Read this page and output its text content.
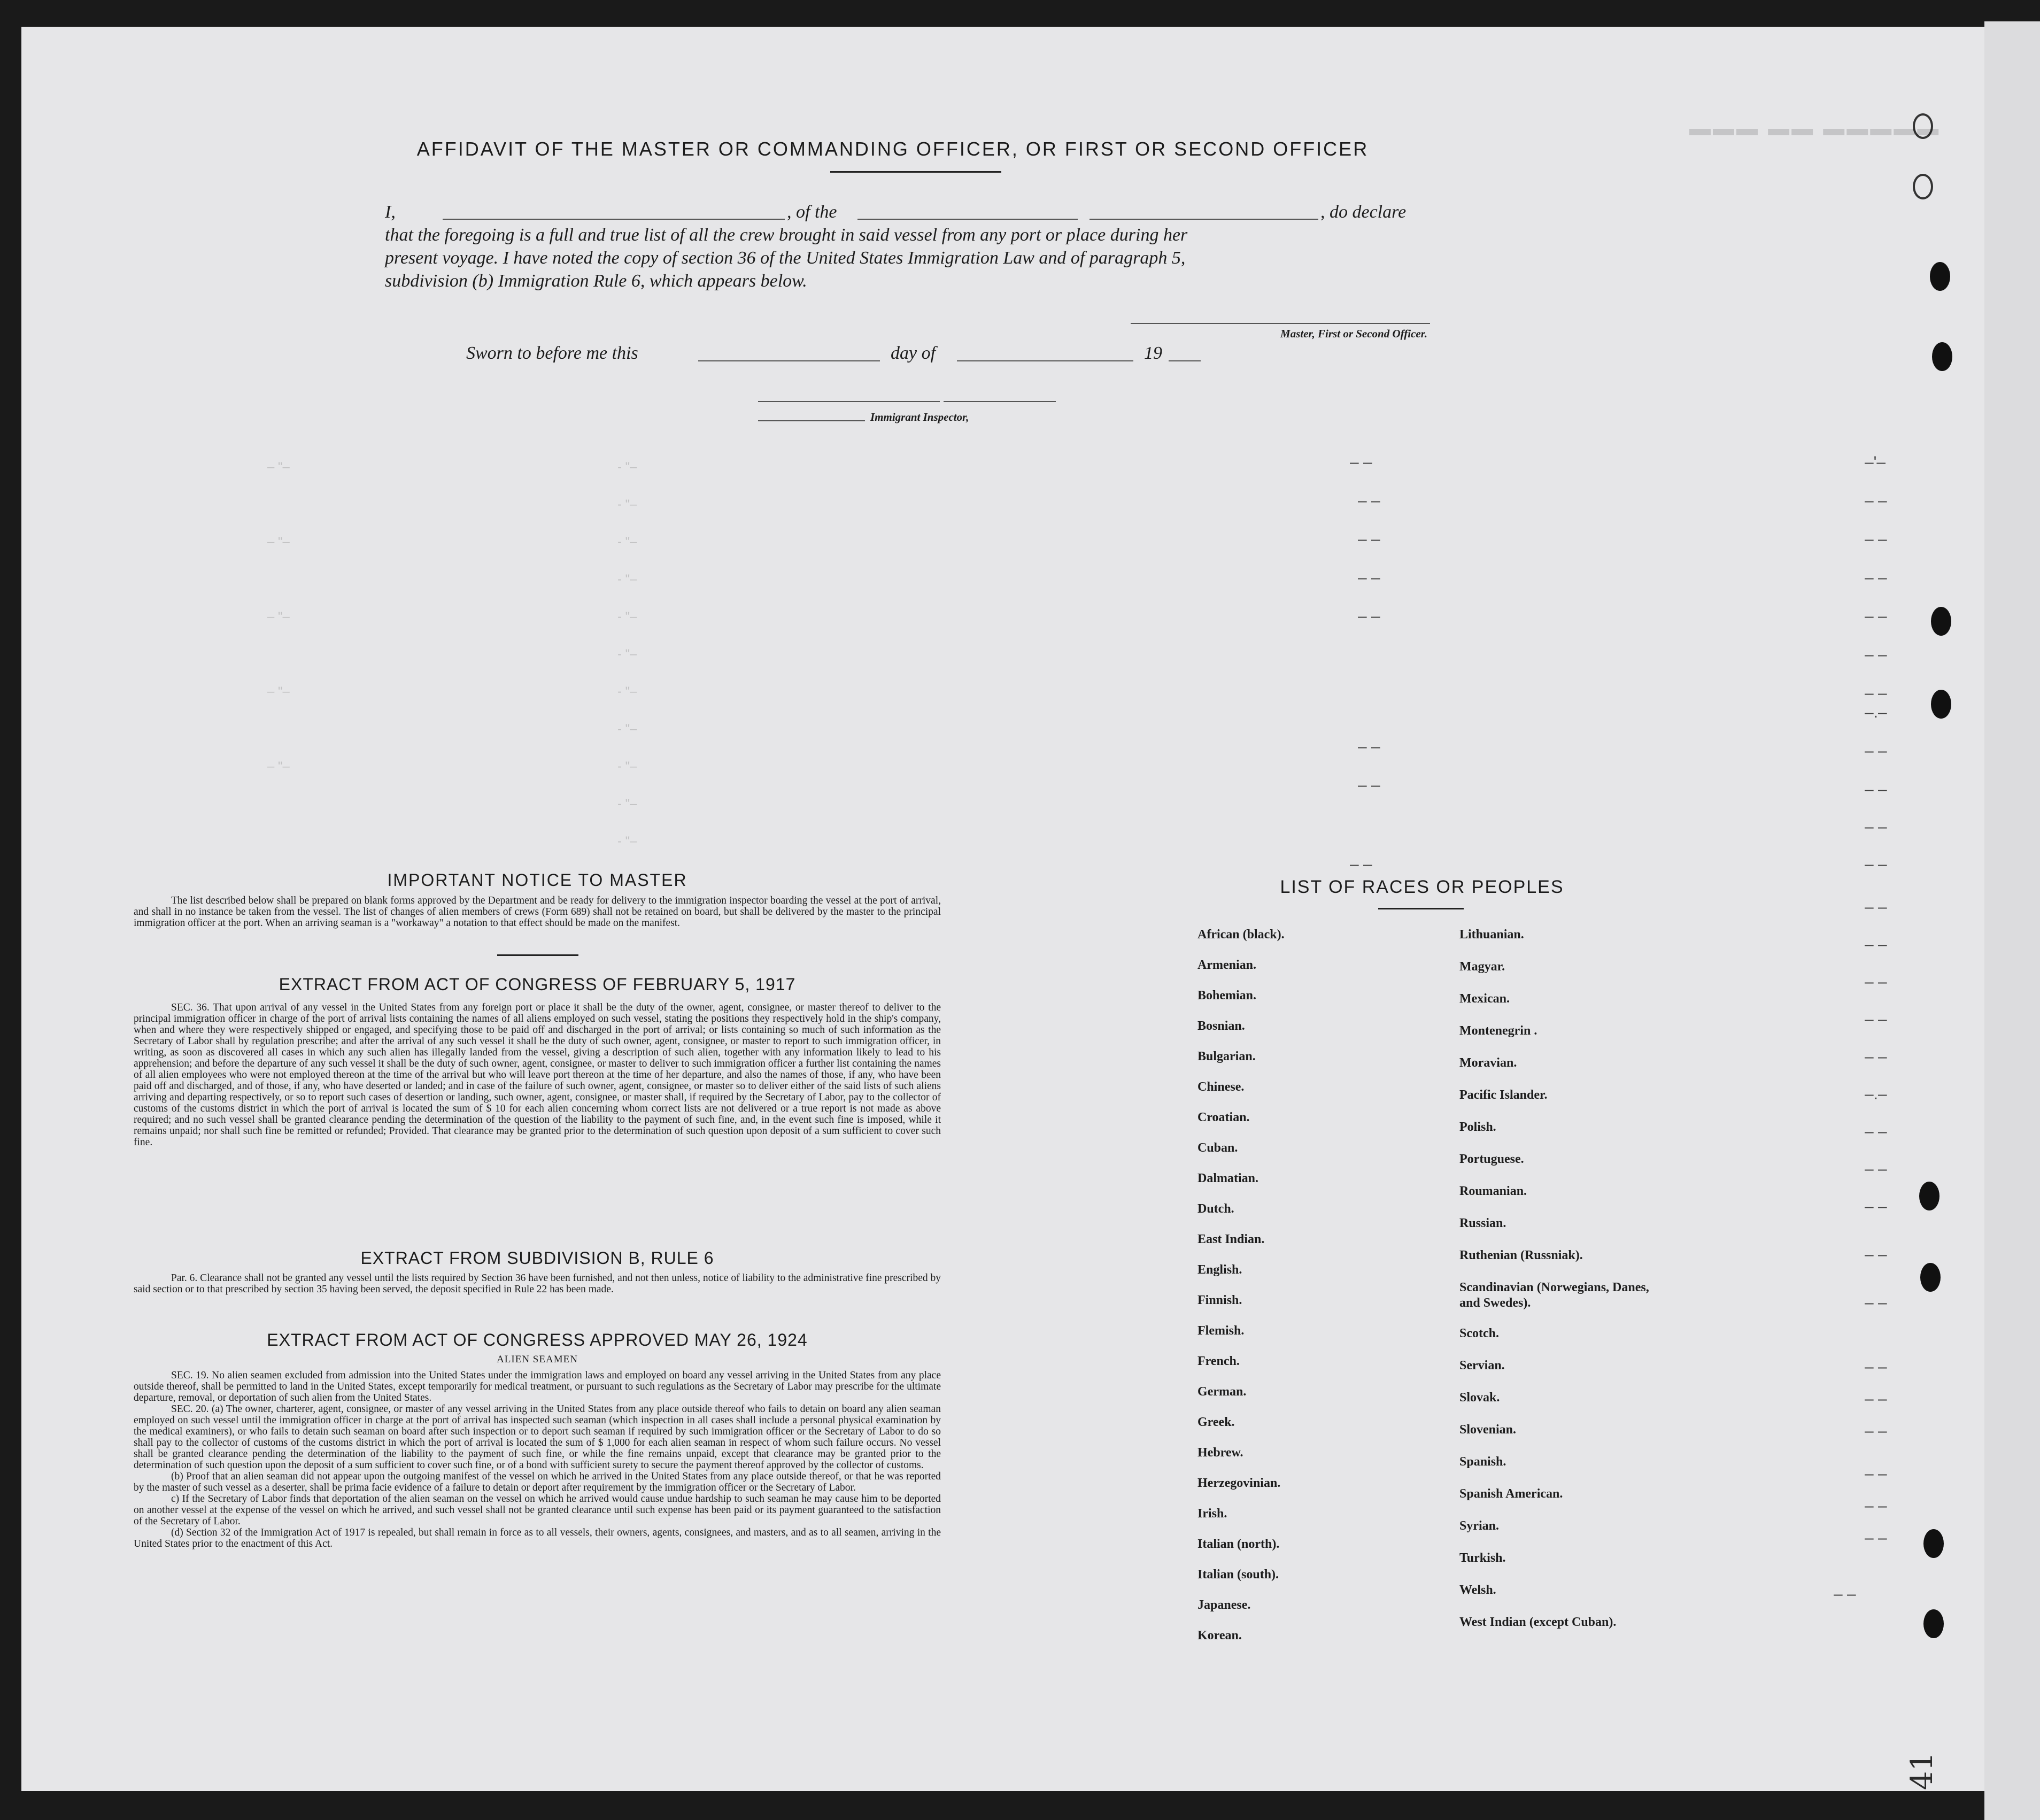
▬▬▬ ▬▬ ▬▬▬▬▬
AFFIDAVIT OF THE MASTER OR COMMANDING OFFICER, OR FIRST OR SECOND OFFICER

I,	, of the	, do declare

that the foregoing is a full and true list of all the crew brought in said vessel from any port or place during her

present voyage. I have noted the copy of section 36 of the United States Immigration Law and of paragraph 5,

subdivision (b) Immigration Rule 6, which appears below.

Master, First or Second Officer.
Sworn to before me this	day of	19
Immigrant Inspector,
– –
– –
– –
– –
– –
– –
– –
– –
–'–
– –
– –
– –
– –
– –
– –
–.–
– –
– –
– –
– –
– –
– –
– –
– –
– –
–.–
– –
– –
– –
– –
– –
– –
– –
– –
– –
– –
– –
– –
- "–
- "–
- "–
- "–
- "–
- "–
- "–
- "–
- "–
- "–
- "–
– "–
– "–
– "–
– "–
– "–
IMPORTANT NOTICE TO MASTER

The list described below shall be prepared on blank forms approved by the Department and be ready for delivery to the immigration inspector boarding the vessel at the port of arrival, and shall in no instance be taken from the vessel. The list of changes of alien members of crews (Form 689) shall not be retained on board, but shall be delivered by the master to the principal immigration officer at the port. When an arriving seaman is a "workaway" a notation to that effect should be made on the manifest.

EXTRACT FROM ACT OF CONGRESS OF FEBRUARY 5, 1917

SEC. 36. That upon arrival of any vessel in the United States from any foreign port or place it shall be the duty of the owner, agent, consignee, or master thereof to deliver to the principal immigration officer in charge of the port of arrival lists containing the names of all aliens employed on such vessel, stating the positions they respectively hold in the ship's company, when and where they were respectively shipped or engaged, and specifying those to be paid off and discharged in the port of arrival; or lists containing so much of such information as the Secretary of Labor shall by regulation prescribe; and after the arrival of any such vessel it shall be the duty of such owner, agent, consignee, or master to report to such immigration officer, in writing, as soon as discovered all cases in which any such alien has illegally landed from the vessel, giving a description of such alien, together with any information likely to lead to his apprehension; and before the departure of any such vessel it shall be the duty of such owner, agent, consignee, or master to deliver to such immigration officer a further list containing the names of all alien employees who were not employed thereon at the time of the arrival but who will leave port thereon at the time of her departure, and also the names of those, if any, who have been paid off and discharged, and of those, if any, who have deserted or landed; and in case of the failure of such owner, agent, consignee, or master so to deliver either of the said lists of such aliens arriving and departing respectively, or so to report such cases of desertion or landing, such owner, agent, consignee, or master shall, if required by the Secretary of Labor, pay to the collector of customs of the customs district in which the port of arrival is located the sum of $ 10 for each alien concerning whom correct lists are not delivered or a true report is not made as above required; and no such vessel shall be granted clearance pending the determination of the question of the liability to the payment of such fine, and, in the event such fine is imposed, while it remains unpaid; nor shall such fine be remitted or refunded; Provided. That clearance may be granted prior to the determination of such question upon deposit of a sum sufficient to cover such fine.

EXTRACT FROM SUBDIVISION B, RULE 6

Par. 6. Clearance shall not be granted any vessel until the lists required by Section 36 have been furnished, and not then unless, notice of liability to the administrative fine prescribed by said section or to that prescribed by section 35 having been served, the deposit specified in Rule 22 has been made.

EXTRACT FROM ACT OF CONGRESS APPROVED MAY 26, 1924
ALIEN SEAMEN

SEC. 19. No alien seamen excluded from admission into the United States under the immigration laws and employed on board any vessel arriving in the United States from any place outside thereof, shall be permitted to land in the United States, except temporarily for medical treatment, or pursuant to such regulations as the Secretary of Labor may prescribe for the ultimate departure, removal, or deportation of such alien from the United States.

SEC. 20. (a) The owner, charterer, agent, consignee, or master of any vessel arriving in the United States from any place outside thereof who fails to detain on board any alien seaman employed on such vessel until the immigration officer in charge at the port of arrival has inspected such seaman (which inspection in all cases shall include a personal physical examination by the medical examiners), or who fails to detain such seaman on board after such inspection or to deport such seaman if required by such immigration officer or the Secretary of Labor to do so shall pay to the collector of customs of the customs district in which the port of arrival is located the sum of $ 1,000 for each alien seaman in respect of whom such failure occurs. No vessel shall be granted clearance pending the determination of the liability to the payment of such fine, or while the fine remains unpaid, except that clearance may be granted prior to the determination of such question upon the deposit of a sum sufficient to cover such fine, or of a bond with sufficient surety to secure the payment thereof approved by the collector of customs.

(b) Proof that an alien seaman did not appear upon the outgoing manifest of the vessel on which he arrived in the United States from any place outside thereof, or that he was reported by the master of such vessel as a deserter, shall be prima facie evidence of a failure to detain or deport after requirement by the immigration officer or the Secretary of Labor.

c) If the Secretary of Labor finds that deportation of the alien seaman on the vessel on which he arrived would cause undue hardship to such seaman he may cause him to be deported on another vessel at the expense of the vessel on which he arrived, and such vessel shall not be granted clearance until such expense has been paid or its payment guaranteed to the satisfaction of the Secretary of Labor.

(d) Section 32 of the Immigration Act of 1917 is repealed, but shall remain in force as to all vessels, their owners, agents, consignees, and masters, and as to all seamen, arriving in the United States prior to the enactment of this Act.

LIST OF RACES OR PEOPLES
African (black).
Armenian.
Bohemian.
Bosnian.
Bulgarian.
Chinese.
Croatian.
Cuban.
Dalmatian.
Dutch.
East Indian.
English.
Finnish.
Flemish.
French.
German.
Greek.
Hebrew.
Herzegovinian.
Irish.
Italian (north).
Italian (south).
Japanese.
Korean.
Lithuanian.
Magyar.
Mexican.
Montenegrin .
Moravian.
Pacific Islander.
Polish.
Portuguese.
Roumanian.
Russian.
Ruthenian (Russniak).
Scandinavian (Norwegians, Danes, and Swedes).
Scotch.
Servian.
Slovak.
Slovenian.
Spanish.
Spanish American.
Syrian.
Turkish.
Welsh.
West Indian (except Cuban).
41
